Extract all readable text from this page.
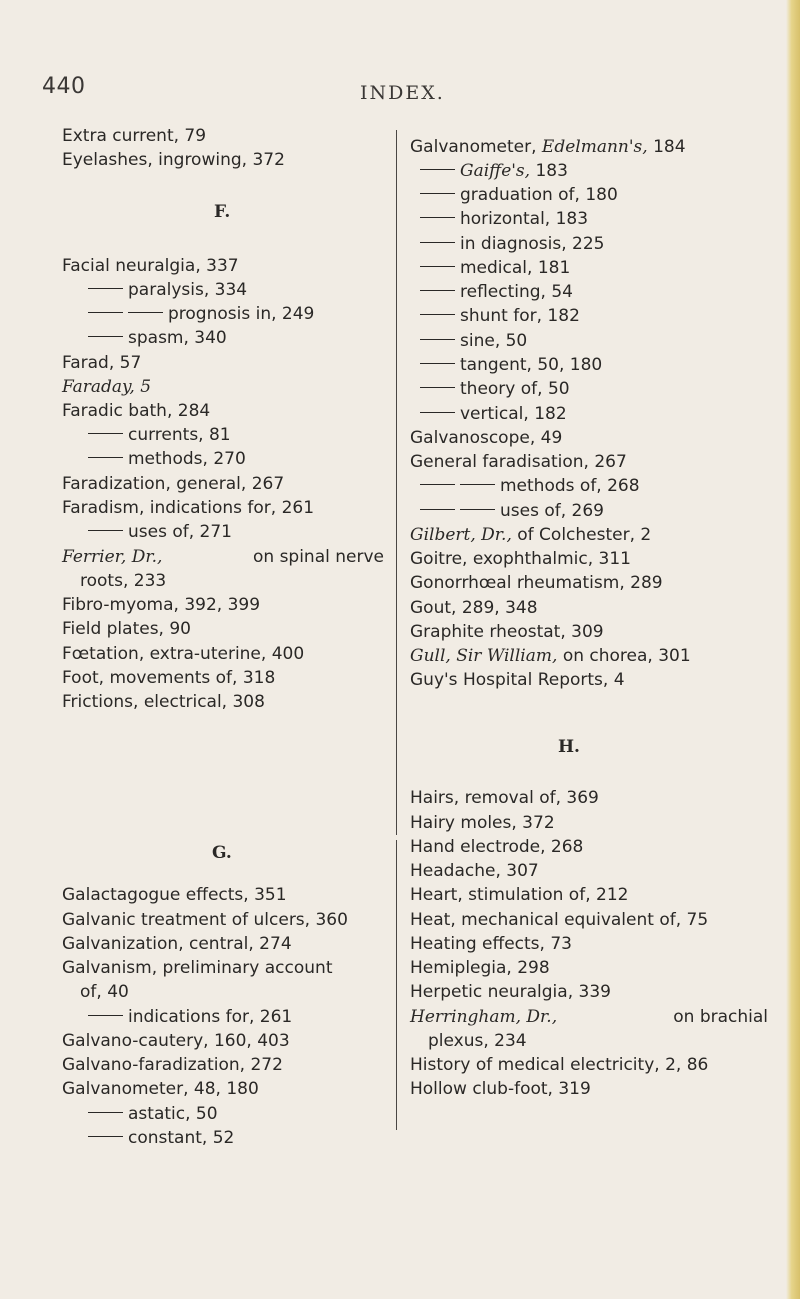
440	INDEX.
Extra current, 79
Eyelashes, ingrowing, 372
F.
Facial neuralgia, 337
paralysis, 334
prognosis in, 249
spasm, 340
Farad, 57
Faraday, 5
Faradic bath, 284
currents, 81
methods, 270
Faradization, general, 267
Faradism, indications for, 261
uses of, 271
Ferrier, Dr.,	on spinal nerve
roots, 233
Fibro-myoma, 392, 399
Field plates, 90
Fœtation, extra-uterine, 400
Foot, movements of, 318
Frictions, electrical, 308
G.
Galactagogue effects, 351
Galvanic treatment of ulcers, 360
Galvanization, central, 274
Galvanism, preliminary account
of, 40
indications for, 261
Galvano-cautery, 160, 403
Galvano-faradization, 272
Galvanometer, 48, 180
astatic, 50
constant, 52
Galvanometer, Edelmann's, 184
Gaiffe's, 183
graduation of, 180
horizontal, 183
in diagnosis, 225
medical, 181
reflecting, 54
shunt for, 182
sine, 50
tangent, 50, 180
theory of, 50
vertical, 182
Galvanoscope, 49
General faradisation, 267
methods of, 268
uses of, 269
Gilbert, Dr., of Colchester, 2
Goitre, exophthalmic, 311
Gonorrhœal rheumatism, 289
Gout, 289, 348
Graphite rheostat, 309
Gull, Sir William, on chorea, 301
Guy's Hospital Reports, 4
H.
Hairs, removal of, 369
Hairy moles, 372
Hand electrode, 268
Headache, 307
Heart, stimulation of, 212
Heat, mechanical equivalent of, 75
Heating effects, 73
Hemiplegia, 298
Herpetic neuralgia, 339
Herringham, Dr.,	on brachial
plexus, 234
History of medical electricity, 2, 86
Hollow club-foot, 319
